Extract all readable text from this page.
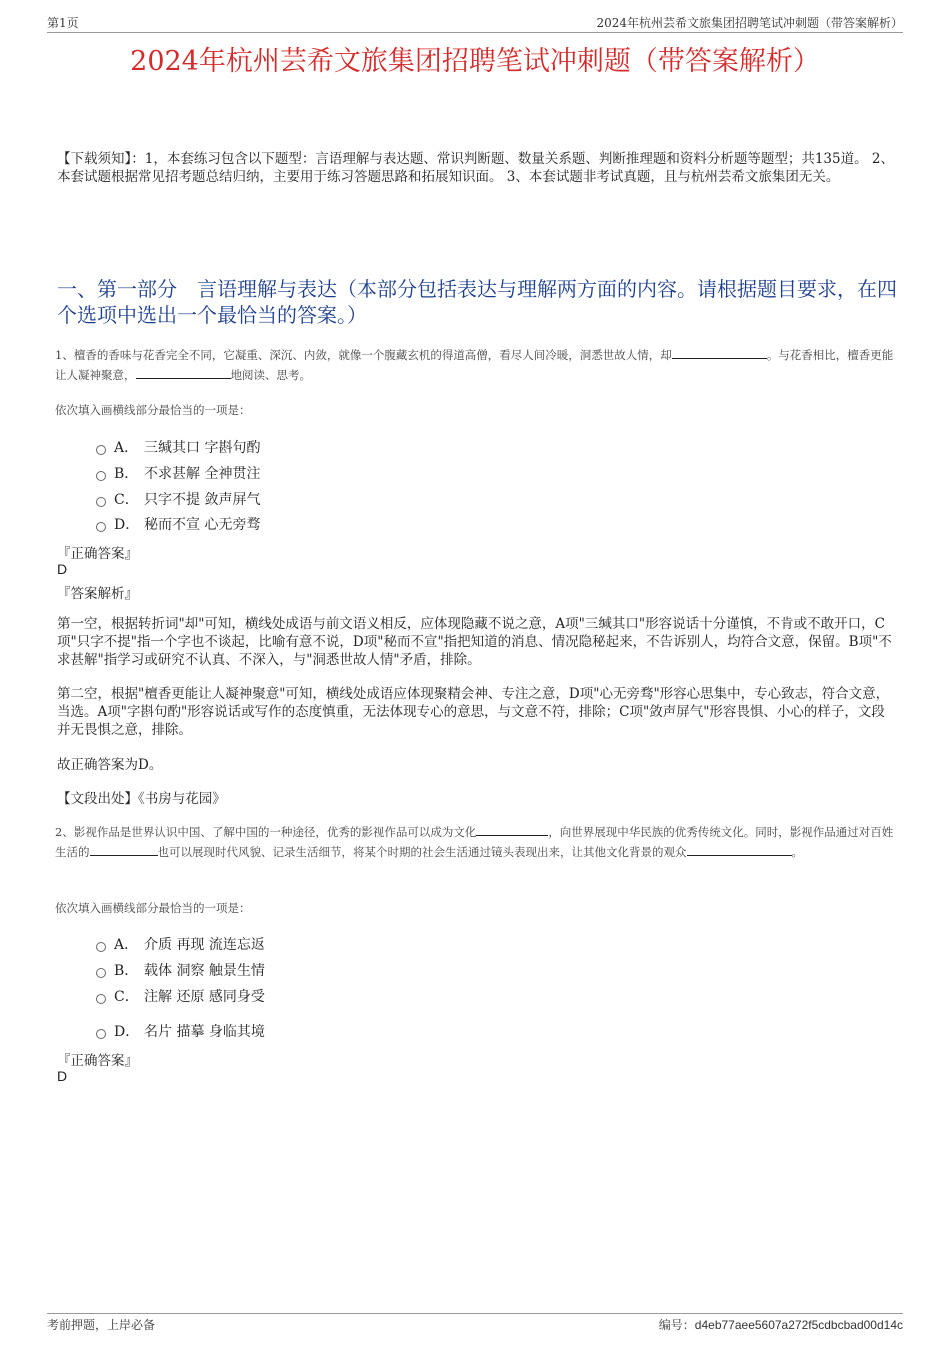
第1页	2024年杭州芸希文旅集团招聘笔试冲刺题（带答案解析）
2024年杭州芸希文旅集团招聘笔试冲刺题（带答案解析）
【下载须知】：1，本套练习包含以下题型：言语理解与表达题、常识判断题、数量关系题、判断推理题和资料分析题等题型；共135道。 2、本套试题根据常见招考题总结归纳，主要用于练习答题思路和拓展知识面。 3、本套试题非考试真题，且与杭州芸希文旅集团无关。
一、第一部分　言语理解与表达（本部分包括表达与理解两方面的内容。请根据题目要求，在四个选项中选出一个最恰当的答案。）
1、檀香的香味与花香完全不同，它凝重、深沉、内敛，就像一个腹藏玄机的得道高僧，看尽人间冷暖，洞悉世故人情，却	。与花香相比，檀香更能让人凝神聚意，	地阅读、思考。
依次填入画横线部分最恰当的一项是：
A． 三缄其口 字斟句酌
B． 不求甚解 全神贯注
C． 只字不提 敛声屏气
D． 秘而不宣 心无旁骛
『正确答案』
D
『答案解析』
第一空，根据转折词"却"可知，横线处成语与前文语义相反，应体现隐藏不说之意，A项"三缄其口"形容说话十分谨慎，不肯或不敢开口，C项"只字不提"指一个字也不谈起，比喻有意不说，D项"秘而不宣"指把知道的消息、情况隐秘起来，不告诉别人，均符合文意，保留。B项"不求甚解"指学习或研究不认真、不深入，与"洞悉世故人情"矛盾，排除。
第二空，根据"檀香更能让人凝神聚意"可知，横线处成语应体现聚精会神、专注之意，D项"心无旁骛"形容心思集中，专心致志，符合文意，当选。A项"字斟句酌"形容说话或写作的态度慎重，无法体现专心的意思，与文意不符，排除；C项"敛声屏气"形容畏惧、小心的样子，文段并无畏惧之意，排除。
故正确答案为D。
【文段出处】《书房与花园》
2、影视作品是世界认识中国、了解中国的一种途径，优秀的影视作品可以成为文化	，向世界展现中华民族的优秀传统文化。同时，影视作品通过对百姓生活的	也可以展现时代风貌、记录生活细节，将某个时期的社会生活通过镜头表现出来，让其他文化背景的观众	。
依次填入画横线部分最恰当的一项是：
A． 介质 再现 流连忘返
B． 载体 洞察 触景生情
C． 注解 还原 感同身受
D． 名片 描摹 身临其境
『正确答案』
D
考前押题，上岸必备	编号：d4eb77aee5607a272f5cdbcbad00d14c
